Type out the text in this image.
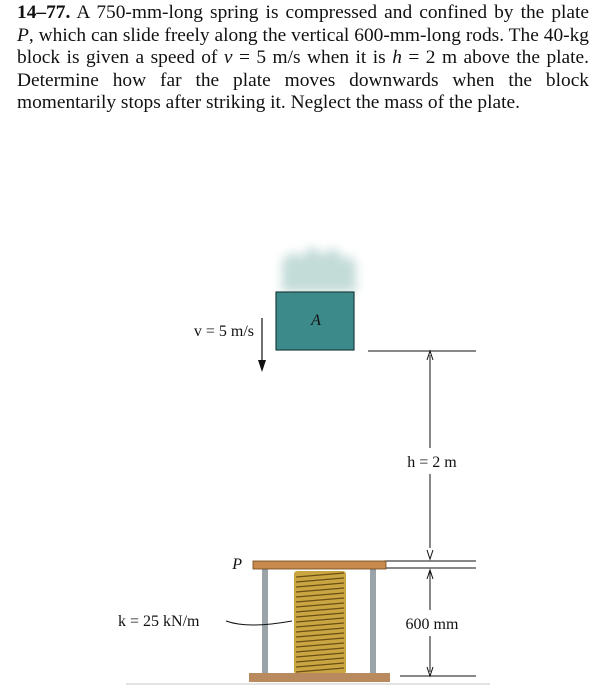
14–77. A 750-mm-long spring is compressed and confined by the plate P, which can slide freely along the vertical 600-mm-long rods. The 40-kg block is given a speed of v = 5 m/s when it is h = 2 m above the plate. Determine how far the plate moves downwards when the block momentarily stops after striking it. Neglect the mass of the plate.

A
v = 5 m/s
h = 2 m
600 mm
P
k = 25 kN/m
